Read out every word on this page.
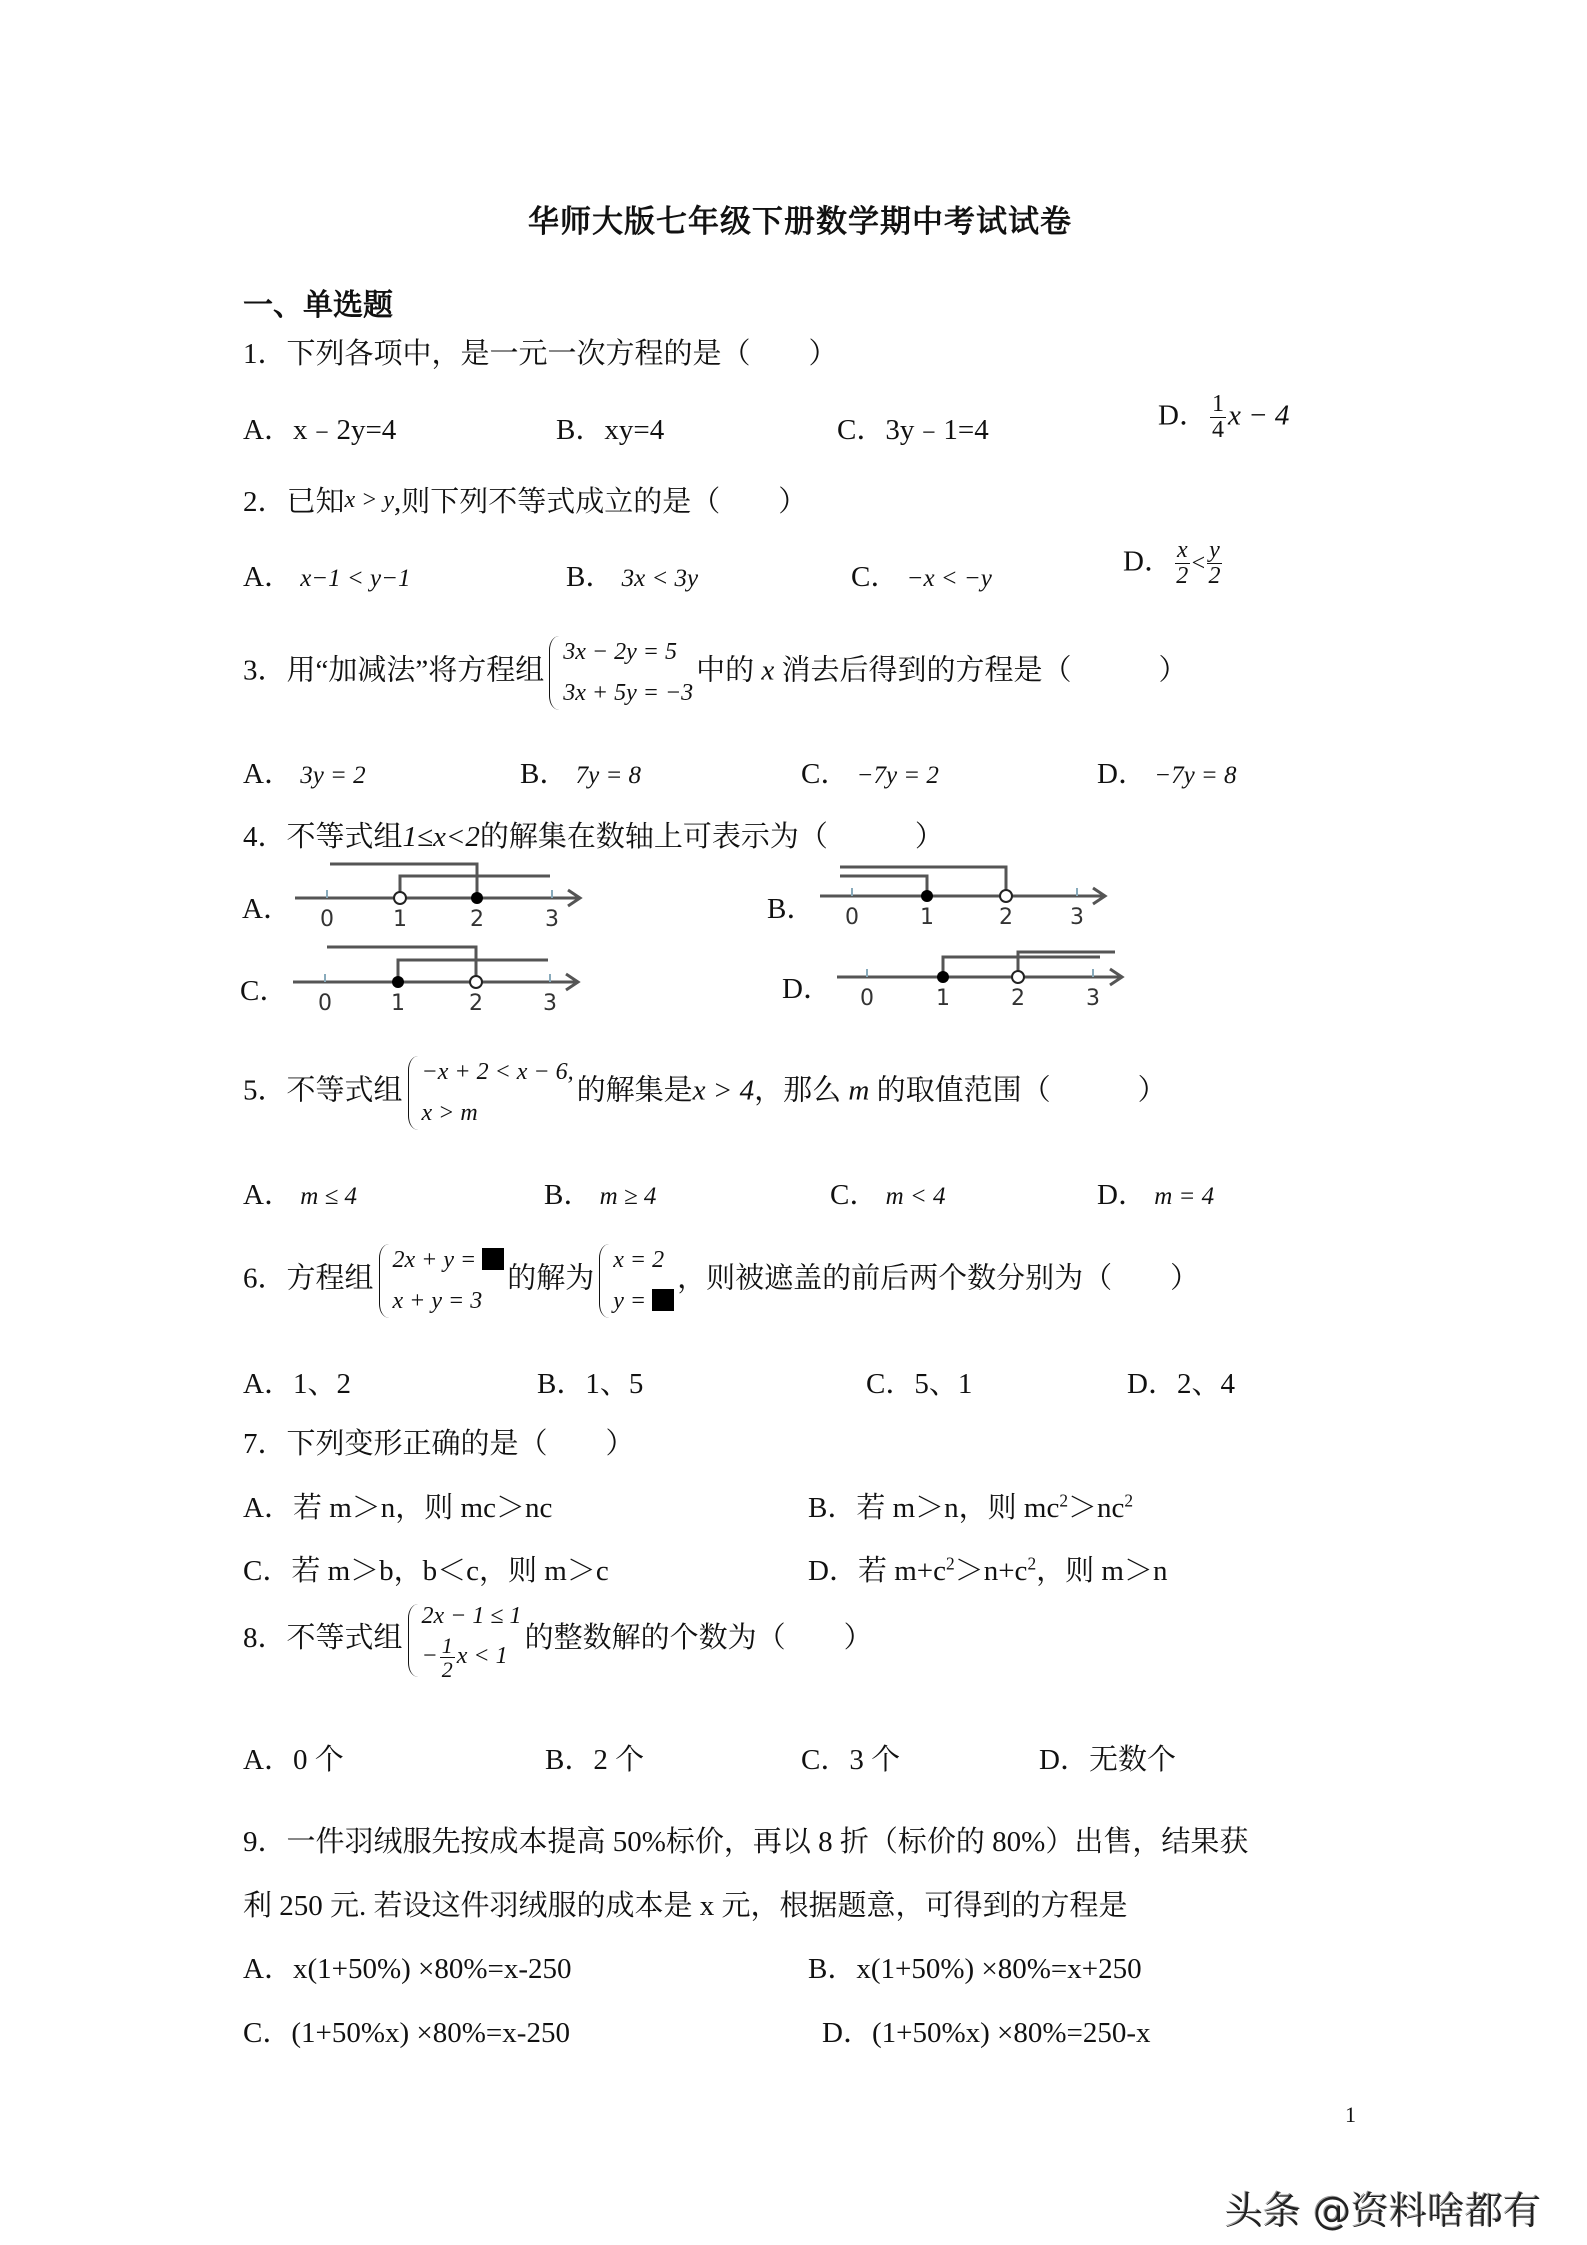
华师大版七年级下册数学期中考试试卷
一、单选题
1．下列各项中，是一元一次方程的是（　　）
A．x﹣2y=4	B．xy=4	C．3y﹣1=4	D． $\frac{1}{4}$ x − 4
2．已知x > y,则下列不等式成立的是（　　）
A． x−1 < y−1	B． 3x < 3y	C． −x < −y
D． $\frac{x}{2} < \frac{y}{2}$
3．用“加减法”将方程组
3x − 2y = 5
3x + 5y = −3
中的 x 消去后得到的方程是（　　　）
A． 3y = 2	B． 7y = 8	C． −7y = 2	D． −7y = 8
4．不等式组1≤x<2的解集在数轴上可表示为（　　　）
A． 0	1	2	3	B． 0	1	2	3
C． 0	1	2	3	D． 0	1	2	3
5．不等式组
−x + 2 < x − 6,
x > m
的解集是x > 4，那么 m 的取值范围（　　　）
A． m ≤ 4	B． m ≥ 4	C． m < 4	D． m = 4
6．方程组
2x + y =
x + y = 3
的解为
x = 2
y =
，则被遮盖的前后两个数分别为（　　）
A．1、2	B．1、5	C．5、1	D．2、4
7．下列变形正确的是（　　）
A．若 m＞n，则 mc＞nc	B．若 m＞n，则 $mc^2>nc^2$
C．若 m＞b，b＜c，则 m＞c	D．若 $m+c^2>n+c^2$，则 m＞n
8．不等式组
2x − 1 ≤ 1
− $\frac{1}{2}$ x < 1
的整数解的个数为（　　）
A．0 个	B．2 个	C．3 个	D．无数个
9．一件羽绒服先按成本提高 50%标价，再以 8 折（标价的 80%）出售，结果获
利 250 元. 若设这件羽绒服的成本是 x 元，根据题意，可得到的方程是
A．x(1+50%) ×80%=x-250	B．x(1+50%) ×80%=x+250
C．(1+50%x) ×80%=x-250	D．(1+50%x) ×80%=250-x
1
头条 @资料啥都有
